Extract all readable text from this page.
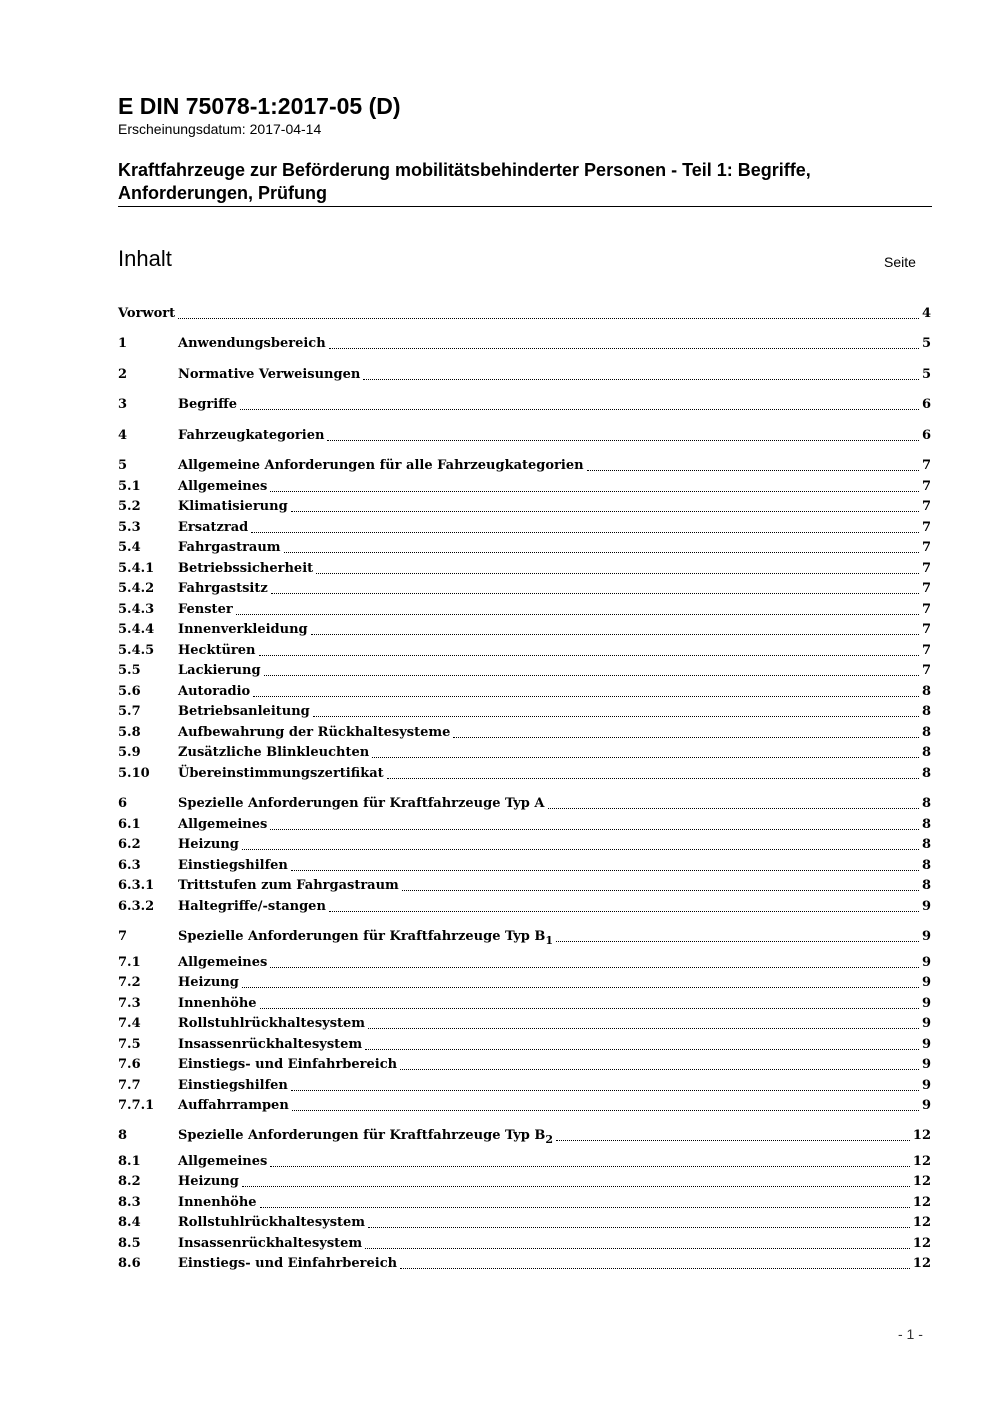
E DIN 75078-1:2017-05 (D)
Erscheinungsdatum: 2017-04-14
Kraftfahrzeuge zur Beförderung mobilitätsbehinderter Personen - Teil 1: Begriffe, Anforderungen, Prüfung
Inhalt	Seite
Vorwort	4
1	Anwendungsbereich	5
2	Normative Verweisungen	5
3	Begriffe	6
4	Fahrzeugkategorien	6
5	Allgemeine Anforderungen für alle Fahrzeugkategorien	7
5.1	Allgemeines	7
5.2	Klimatisierung	7
5.3	Ersatzrad	7
5.4	Fahrgastraum	7
5.4.1	Betriebssicherheit	7
5.4.2	Fahrgastsitz	7
5.4.3	Fenster	7
5.4.4	Innenverkleidung	7
5.4.5	Hecktüren	7
5.5	Lackierung	7
5.6	Autoradio	8
5.7	Betriebsanleitung	8
5.8	Aufbewahrung der Rückhaltesysteme	8
5.9	Zusätzliche Blinkleuchten	8
5.10	Übereinstimmungszertifikat	8
6	Spezielle Anforderungen für Kraftfahrzeuge Typ A	8
6.1	Allgemeines	8
6.2	Heizung	8
6.3	Einstiegshilfen	8
6.3.1	Trittstufen zum Fahrgastraum	8
6.3.2	Haltegriffe/-stangen	9
7	Spezielle Anforderungen für Kraftfahrzeuge Typ $B_1$	9
7.1	Allgemeines	9
7.2	Heizung	9
7.3	Innenhöhe	9
7.4	Rollstuhlrückhaltesystem	9
7.5	Insassenrückhaltesystem	9
7.6	Einstiegs- und Einfahrbereich	9
7.7	Einstiegshilfen	9
7.7.1	Auffahrrampen	9
8	Spezielle Anforderungen für Kraftfahrzeuge Typ $B_2$	12
8.1	Allgemeines	12
8.2	Heizung	12
8.3	Innenhöhe	12
8.4	Rollstuhlrückhaltesystem	12
8.5	Insassenrückhaltesystem	12
8.6	Einstiegs- und Einfahrbereich	12
- 1 -
